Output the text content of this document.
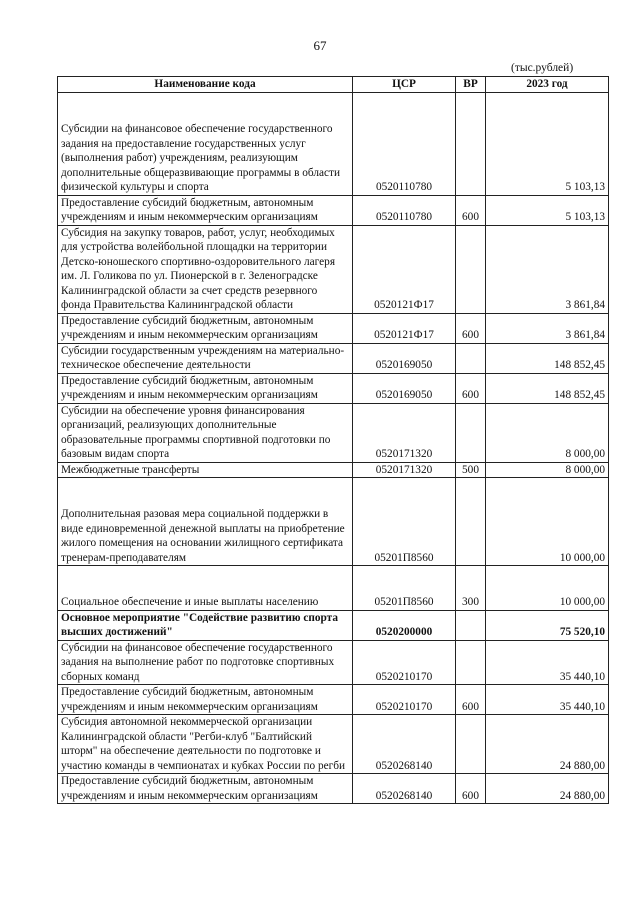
67
(тыс.рублей)
Наименование кода	ЦСР	ВР	2023 год
Субсидии на финансовое обеспечение государственного задания на предоставление государственных услуг (выполнения работ) учреждениям, реализующим дополнительные общеразвивающие программы в области физической культуры и спорта	0520110780		5 103,13
Предоставление субсидий бюджетным, автономным учреждениям и иным некоммерческим организациям	0520110780	600	5 103,13
Субсидия на закупку товаров, работ, услуг, необходимых для устройства волейбольной площадки на территории Детско-юношеского спортивно-оздоровительного лагеря им. Л. Голикова по ул. Пионерской в г. Зеленоградске Калининградской области за счет средств резервного фонда Правительства Калининградской области	0520121Ф17		3 861,84
Предоставление субсидий бюджетным, автономным учреждениям и иным некоммерческим организациям	0520121Ф17	600	3 861,84
Субсидии государственным учреждениям на материально-техническое обеспечение деятельности	0520169050		148 852,45
Предоставление субсидий бюджетным, автономным учреждениям и иным некоммерческим организациям	0520169050	600	148 852,45
Субсидии на обеспечение уровня финансирования организаций, реализующих дополнительные образовательные программы спортивной подготовки по базовым видам спорта	0520171320		8 000,00
Межбюджетные трансферты	0520171320	500	8 000,00
Дополнительная разовая мера социальной поддержки в виде единовременной денежной выплаты на приобретение жилого помещения на основании жилищного сертификата тренерам-преподавателям	05201П8560		10 000,00
Социальное обеспечение и иные выплаты населению	05201П8560	300	10 000,00
Основное мероприятие "Содействие развитию спорта высших достижений"	0520200000		75 520,10
Субсидии на финансовое обеспечение государственного задания на выполнение работ по подготовке спортивных сборных команд	0520210170		35 440,10
Предоставление субсидий бюджетным, автономным учреждениям и иным некоммерческим организациям	0520210170	600	35 440,10
Субсидия автономной некоммерческой организации Калининградской области "Регби-клуб "Балтийский шторм" на обеспечение деятельности по подготовке и участию команды в чемпионатах и кубках России по регби	0520268140		24 880,00
Предоставление субсидий бюджетным, автономным учреждениям и иным некоммерческим организациям	0520268140	600	24 880,00
